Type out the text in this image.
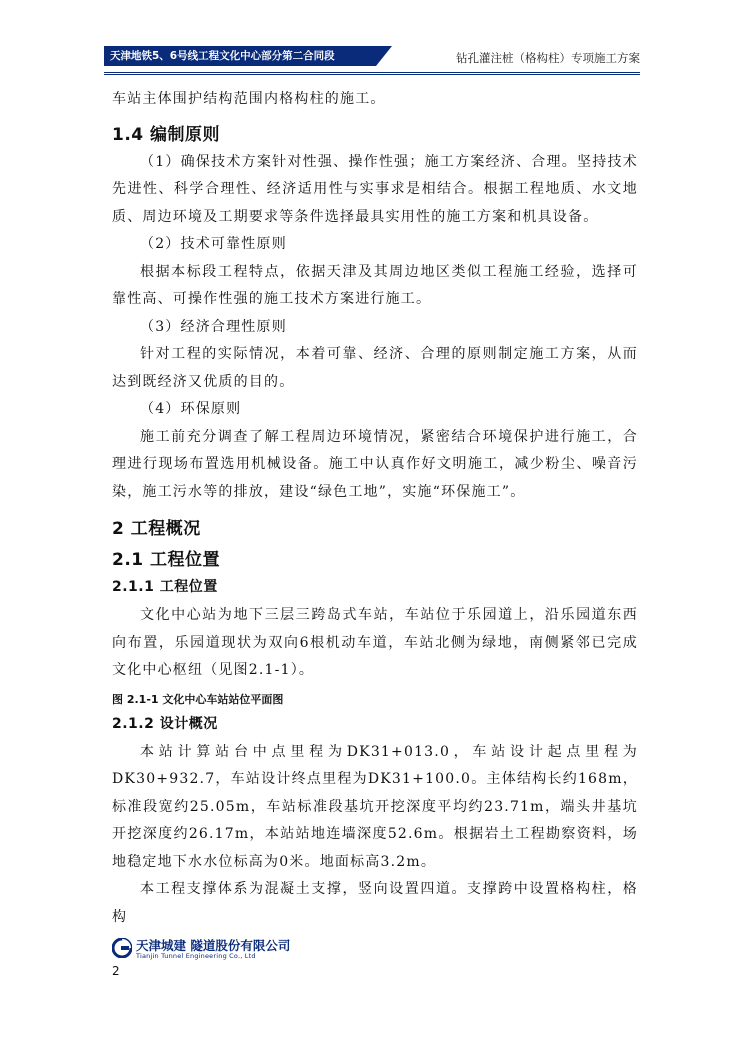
天津地铁5、6号线工程文化中心部分第二合同段	钻孔灌注桩（格构柱）专项施工方案

车站主体围护结构范围内格构柱的施工。

1.4 编制原则

（1）确保技术方案针对性强、操作性强；施工方案经济、合理。坚持技术先进性、科学合理性、经济适用性与实事求是相结合。根据工程地质、水文地质、周边环境及工期要求等条件选择最具实用性的施工方案和机具设备。

（2）技术可靠性原则

根据本标段工程特点，依据天津及其周边地区类似工程施工经验，选择可靠性高、可操作性强的施工技术方案进行施工。

（3）经济合理性原则

针对工程的实际情况，本着可靠、经济、合理的原则制定施工方案，从而达到既经济又优质的目的。

（4）环保原则

施工前充分调查了解工程周边环境情况，紧密结合环境保护进行施工，合理进行现场布置选用机械设备。施工中认真作好文明施工，减少粉尘、噪音污染，施工污水等的排放，建设“绿色工地”，实施“环保施工”。

2 工程概况
2.1 工程位置
2.1.1 工程位置

文化中心站为地下三层三跨岛式车站，车站位于乐园道上，沿乐园道东西向布置，乐园道现状为双向6根机动车道，车站北侧为绿地，南侧紧邻已完成文化中心枢纽（见图2.1-1）。

图 2.1-1 文化中心车站站位平面图
2.1.2 设计概况

本站计算站台中点里程为DK31+013.0，车站设计起点里程为DK30+932.7，车站设计终点里程为DK31+100.0。主体结构长约168m，标准段宽约25.05m，车站标准段基坑开挖深度平均约23.71m，端头井基坑开挖深度约26.17m，本站站地连墙深度52.6m。根据岩土工程勘察资料，场地稳定地下水水位标高为0米。地面标高3.2m。

本工程支撑体系为混凝土支撑，竖向设置四道。支撑跨中设置格构柱，格构

天津城建 隧道股份有限公司
Tianjin Tunnel Engineering Co., Ltd
2
